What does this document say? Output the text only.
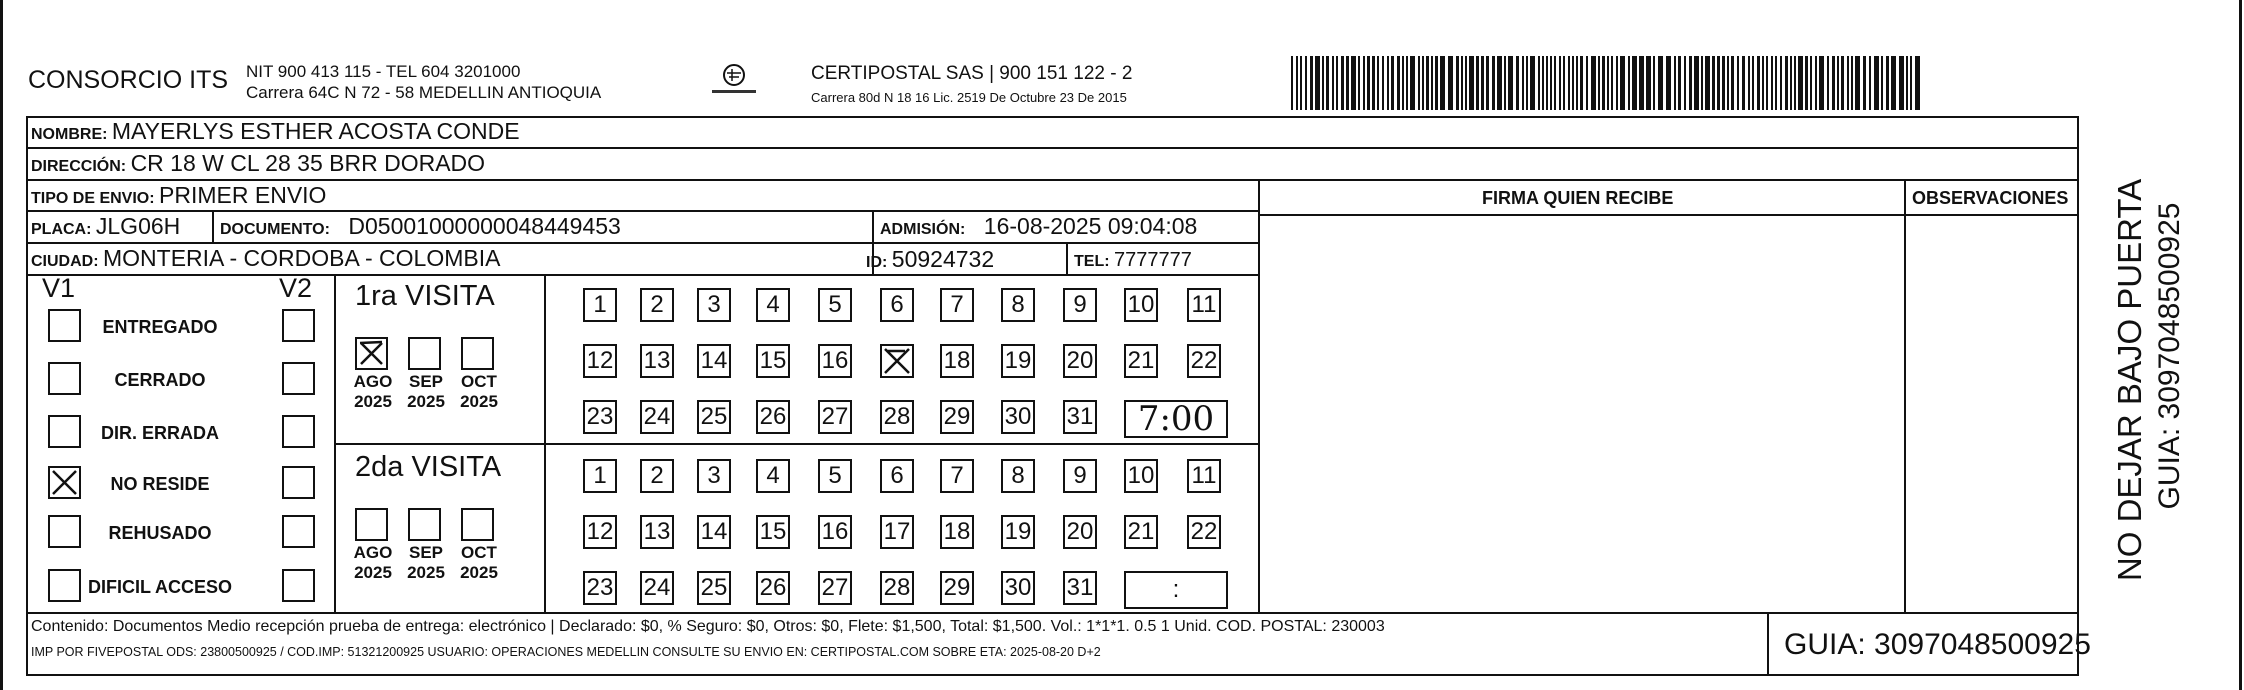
CONSORCIO ITS NIT 900 413 115 - TEL 604 3201000
Carrera 64C N 72 - 58 MEDELLIN ANTIOQUIA
CERTIPOSTAL SAS | 900 151 122 - 2
Carrera 80d N 18 16 Lic. 2519 De Octubre 23 De 2015
FIRMA QUIEN RECIBE	OBSERVACIONES
NOMBRE: MAYERLYS ESTHER ACOSTA CONDE
DIRECCIÓN: CR 18 W CL 28 35 BRR DORADO
TIPO DE ENVIO: PRIMER ENVIO
PLACA: JLG06H DOCUMENTO: D05001000000048449453	ADMISIÓN: 16-08-2025 09:04:08
CIUDAD: MONTERIA - CORDOBA - COLOMBIA	ID: 50924732	TEL: 7777777
V1	V2
ENTREGADO
CERRADO
DIR. ERRADA
NO RESIDE
REHUSADO
DIFICIL ACCESO
1ra VISITA
AGO
2025
SEP
2025
OCT
2025
1 2 3 4 5 6 7 8 9 10 11
12 13 14 15 16	18 19 20 21 22
23 24 25 26 27 28 29 30 31 7:00
2da VISITA
AGO
2025
SEP
2025
OCT
2025
1 2 3 4 5 6 7 8 9 10 11
12 13 14 15 16 17 18 19 20 21 22
23 24 25 26 27 28 29 30 31	:
Contenido: Documentos Medio recepción prueba de entrega: electrónico | Declarado: $0, % Seguro: $0, Otros: $0, Flete: $1,500, Total: $1,500. Vol.: 1*1*1. 0.5 1 Unid. COD. POSTAL: 230003
IMP POR FIVEPOSTAL ODS: 23800500925 / COD.IMP: 51321200925 USUARIO: OPERACIONES MEDELLIN CONSULTE SU ENVIO EN: CERTIPOSTAL.COM SOBRE ETA: 2025-08-20 D+2	GUIA: 3097048500925
NO DEJAR BAJO PUERTA GUIA: 3097048500925
